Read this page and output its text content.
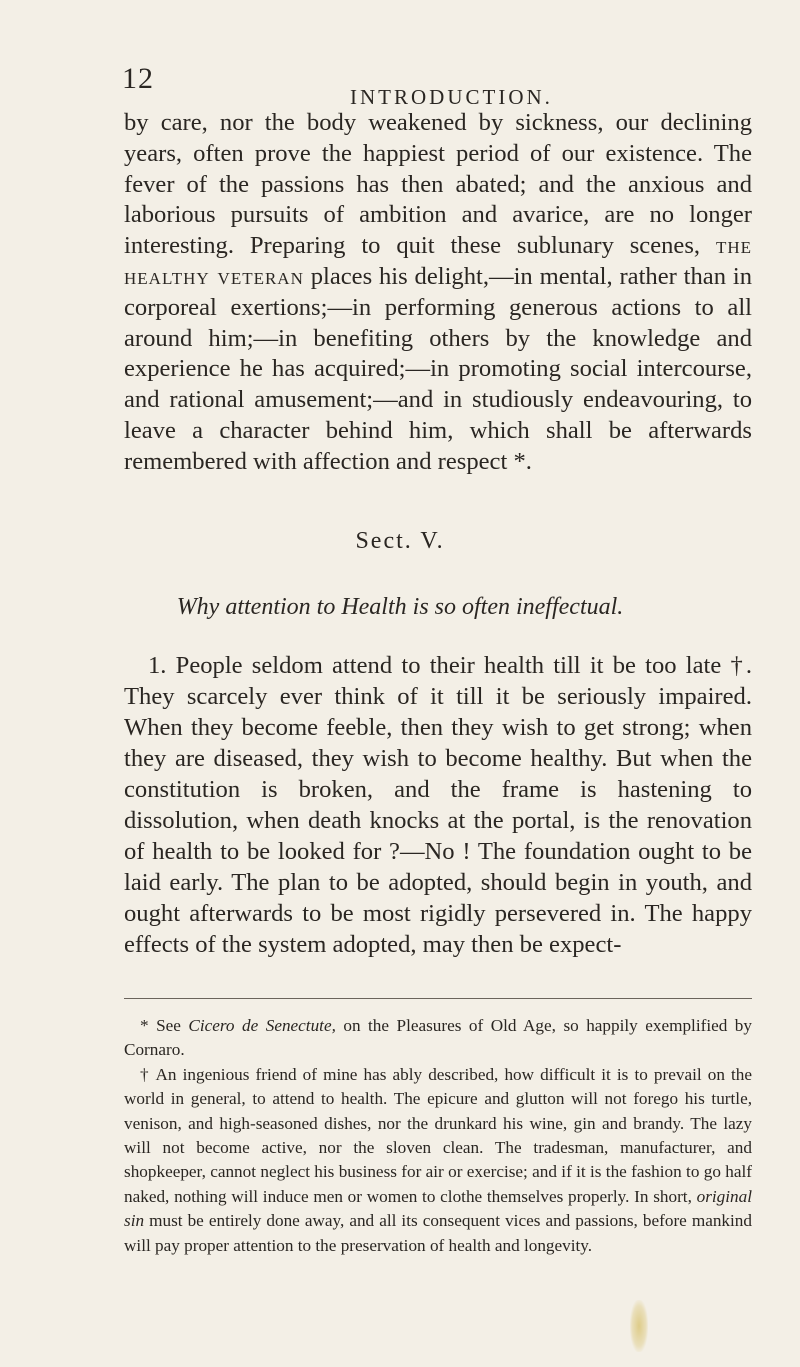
12
INTRODUCTION.

by care, nor the body weakened by sickness, our declining years, often prove the happiest period of our existence. The fever of the passions has then abated; and the anxious and laborious pursuits of ambition and avarice, are no longer interesting. Preparing to quit these sublunary scenes, the healthy veteran places his delight,—in mental, rather than in corporeal exertions;—in performing generous actions to all around him;—in benefiting others by the knowledge and experience he has acquired;—in promoting social intercourse, and rational amusement;—and in studiously endeavouring, to leave a character behind him, which shall be afterwards remembered with affection and respect *.

Sect. V.
Why attention to Health is so often ineffectual.

1. People seldom attend to their health till it be too late †. They scarcely ever think of it till it be seriously impaired. When they become feeble, then they wish to get strong; when they are diseased, they wish to become healthy. But when the constitution is broken, and the frame is hastening to dissolution, when death knocks at the portal, is the renovation of health to be looked for ?—No ! The foundation ought to be laid early. The plan to be adopted, should begin in youth, and ought afterwards to be most rigidly persevered in. The happy effects of the system adopted, may then be expect-

* See Cicero de Senectute, on the Pleasures of Old Age, so happily exemplified by Cornaro.

† An ingenious friend of mine has ably described, how difficult it is to prevail on the world in general, to attend to health. The epicure and glutton will not forego his turtle, venison, and high-seasoned dishes, nor the drunkard his wine, gin and brandy. The lazy will not become active, nor the sloven clean. The tradesman, manufacturer, and shopkeeper, cannot neglect his business for air or exercise; and if it is the fashion to go half naked, nothing will induce men or women to clothe themselves properly. In short, original sin must be entirely done away, and all its consequent vices and passions, before mankind will pay proper attention to the preservation of health and longevity.
